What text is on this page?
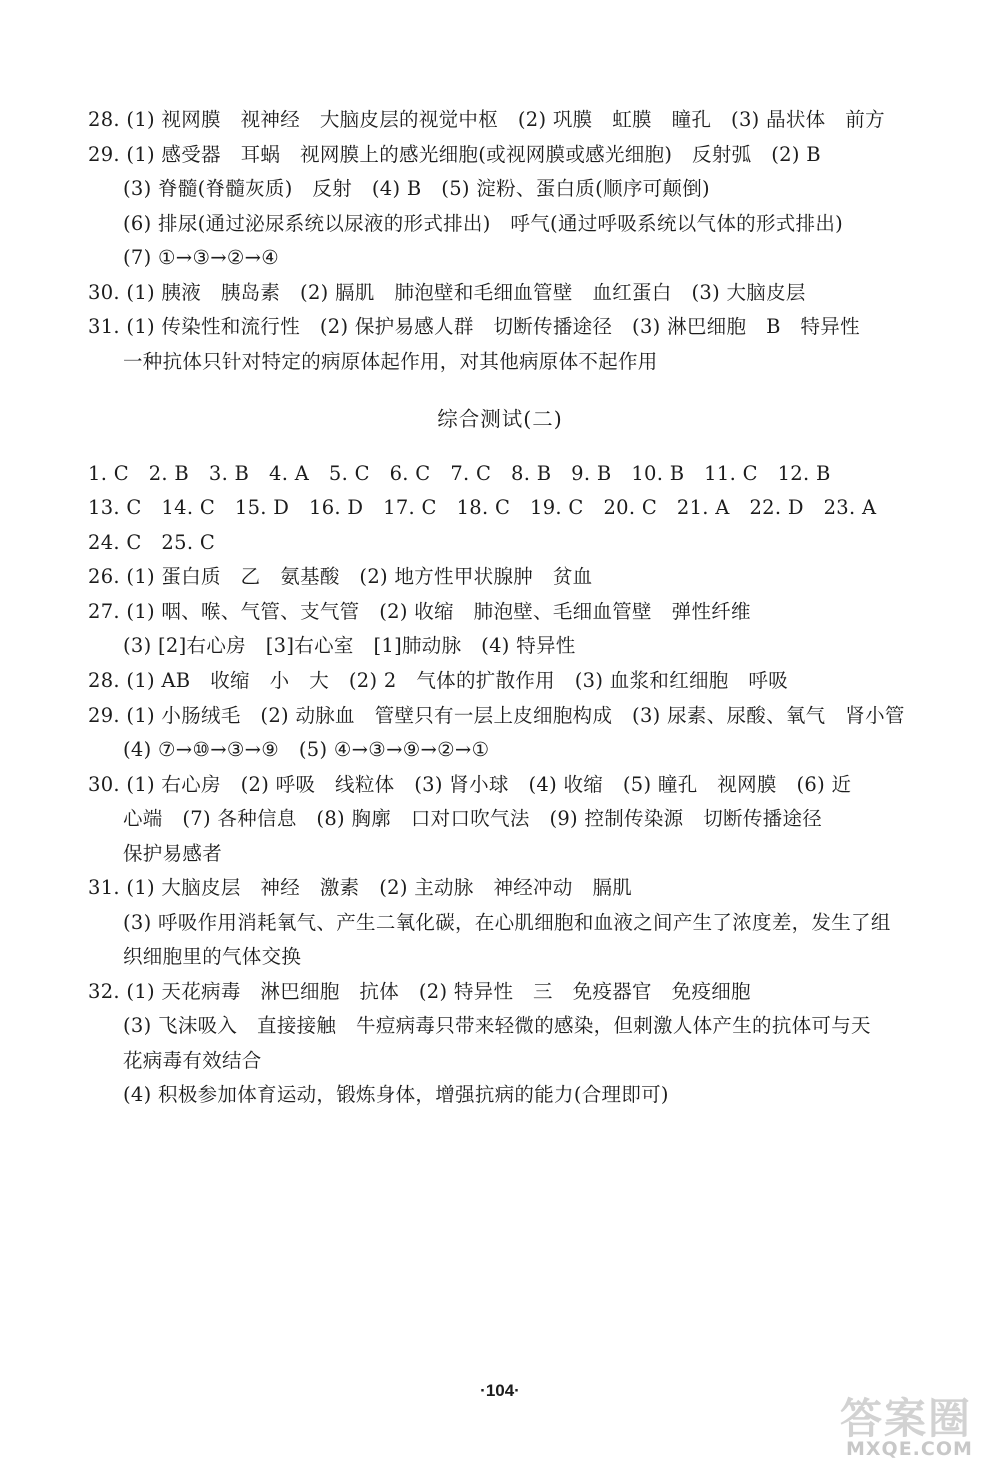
28. (1) 视网膜　视神经　大脑皮层的视觉中枢　(2) 巩膜　虹膜　瞳孔　(3) 晶状体　前方
29. (1) 感受器　耳蜗　视网膜上的感光细胞(或视网膜或感光细胞)　反射弧　(2) B
(3) 脊髓(脊髓灰质)　反射　(4) B　(5) 淀粉、蛋白质(顺序可颠倒)
(6) 排尿(通过泌尿系统以尿液的形式排出)　呼气(通过呼吸系统以气体的形式排出)
(7) ①→③→②→④
30. (1) 胰液　胰岛素　(2) 膈肌　肺泡壁和毛细血管壁　血红蛋白　(3) 大脑皮层
31. (1) 传染性和流行性　(2) 保护易感人群　切断传播途径　(3) 淋巴细胞　B　特异性
一种抗体只针对特定的病原体起作用，对其他病原体不起作用
综合测试(二)
1. C　2. B　3. B　4. A　5. C　6. C　7. C　8. B　9. B　10. B　11. C　12. B
13. C　14. C　15. D　16. D　17. C　18. C　19. C　20. C　21. A　22. D　23. A
24. C　25. C
26. (1) 蛋白质　乙　氨基酸　(2) 地方性甲状腺肿　贫血
27. (1) 咽、喉、气管、支气管　(2) 收缩　肺泡壁、毛细血管壁　弹性纤维
(3) [2]右心房　[3]右心室　[1]肺动脉　(4) 特异性
28. (1) AB　收缩　小　大　(2) 2　气体的扩散作用　(3) 血浆和红细胞　呼吸
29. (1) 小肠绒毛　(2) 动脉血　管壁只有一层上皮细胞构成　(3) 尿素、尿酸、氧气　肾小管
(4) ⑦→⑩→③→⑨　(5) ④→③→⑨→②→①
30. (1) 右心房　(2) 呼吸　线粒体　(3) 肾小球　(4) 收缩　(5) 瞳孔　视网膜　(6) 近
心端　(7) 各种信息　(8) 胸廓　口对口吹气法　(9) 控制传染源　切断传播途径
保护易感者
31. (1) 大脑皮层　神经　激素　(2) 主动脉　神经冲动　膈肌
(3) 呼吸作用消耗氧气、产生二氧化碳，在心肌细胞和血液之间产生了浓度差，发生了组
织细胞里的气体交换
32. (1) 天花病毒　淋巴细胞　抗体　(2) 特异性　三　免疫器官　免疫细胞
(3) 飞沫吸入　直接接触　牛痘病毒只带来轻微的感染，但刺激人体产生的抗体可与天
花病毒有效结合
(4) 积极参加体育运动，锻炼身体，增强抗病的能力(合理即可)
·104·
答案圈
MXQE.COM
